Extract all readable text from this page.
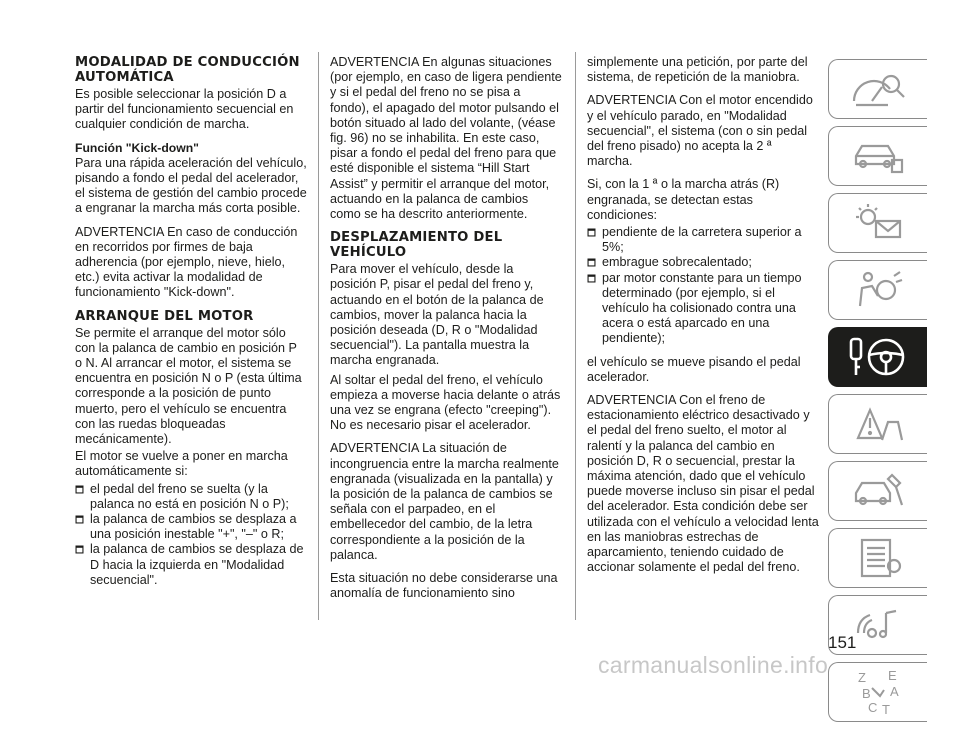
MODALIDAD DE CONDUCCIÓN AUTOMÁTICA

Es posible seleccionar la posición D a partir del funcionamiento secuencial en cualquier condición de marcha.

Función "Kick-down"

Para una rápida aceleración del vehículo, pisando a fondo el pedal del acelerador, el sistema de gestión del cambio procede a engranar la marcha más corta posible.

ADVERTENCIA En caso de conducción en recorridos por firmes de baja adherencia (por ejemplo, nieve, hielo, etc.) evita activar la modalidad de funcionamiento "Kick-down".

ARRANQUE DEL MOTOR

Se permite el arranque del motor sólo con la palanca de cambio en posición P o N. Al arrancar el motor, el sistema se encuentra en posición N o P (esta última corresponde a la posición de punto muerto, pero el vehículo se encuentra con las ruedas bloqueadas mecánicamente).

El motor se vuelve a poner en marcha automáticamente si:

el pedal del freno se suelta (y la palanca no está en posición N o P);
la palanca de cambios se desplaza a una posición inestable "+", "–" o R;
la palanca de cambios se desplaza de D hacia la izquierda en "Modalidad secuencial".

ADVERTENCIA En algunas situaciones (por ejemplo, en caso de ligera pendiente y si el pedal del freno no se pisa a fondo), el apagado del motor pulsando el botón situado al lado del volante, (véase fig. 96) no se inhabilita. En este caso, pisar a fondo el pedal del freno para que esté disponible el sistema “Hill Start Assist” y permitir el arranque del motor, actuando en la palanca de cambios como se ha descrito anteriormente.

DESPLAZAMIENTO DEL VEHÍCULO

Para mover el vehículo, desde la posición P, pisar el pedal del freno y, actuando en el botón de la palanca de cambios, mover la palanca hacia la posición deseada (D, R o "Modalidad secuencial"). La pantalla muestra la marcha engranada.

Al soltar el pedal del freno, el vehículo empieza a moverse hacia delante o atrás una vez se engrana (efecto "creeping"). No es necesario pisar el acelerador.

ADVERTENCIA La situación de incongruencia entre la marcha realmente engranada (visualizada en la pantalla) y la posición de la palanca de cambios se señala con el parpadeo, en el embellecedor del cambio, de la letra correspondiente a la posición de la palanca.

Esta situación no debe considerarse una anomalía de funcionamiento sino

simplemente una petición, por parte del sistema, de repetición de la maniobra.

ADVERTENCIA Con el motor encendido y el vehículo parado, en "Modalidad secuencial", el sistema (con o sin pedal del freno pisado) no acepta la 2 ª marcha.

Si, con la 1 ª o la marcha atrás (R) engranada, se detectan estas condiciones:

pendiente de la carretera superior a 5%;
embrague sobrecalentado;
par motor constante para un tiempo determinado (por ejemplo, si el vehículo ha colisionado contra una acera o está aparcado en una pendiente);

el vehículo se mueve pisando el pedal acelerador.

ADVERTENCIA Con el freno de estacionamiento eléctrico desactivado y el pedal del freno suelto, el motor al ralentí y la palanca del cambio en posición D, R o secuencial, prestar la máxima atención, dado que el vehículo puede moverse incluso sin pisar el pedal del acelerador. Esta condición debe ser utilizada con el vehículo a velocidad lenta en las maniobras estrechas de aparcamiento, teniendo cuidado de accionar solamente el pedal del freno.

Z E
B A
C T
151
carmanualsonline.info
